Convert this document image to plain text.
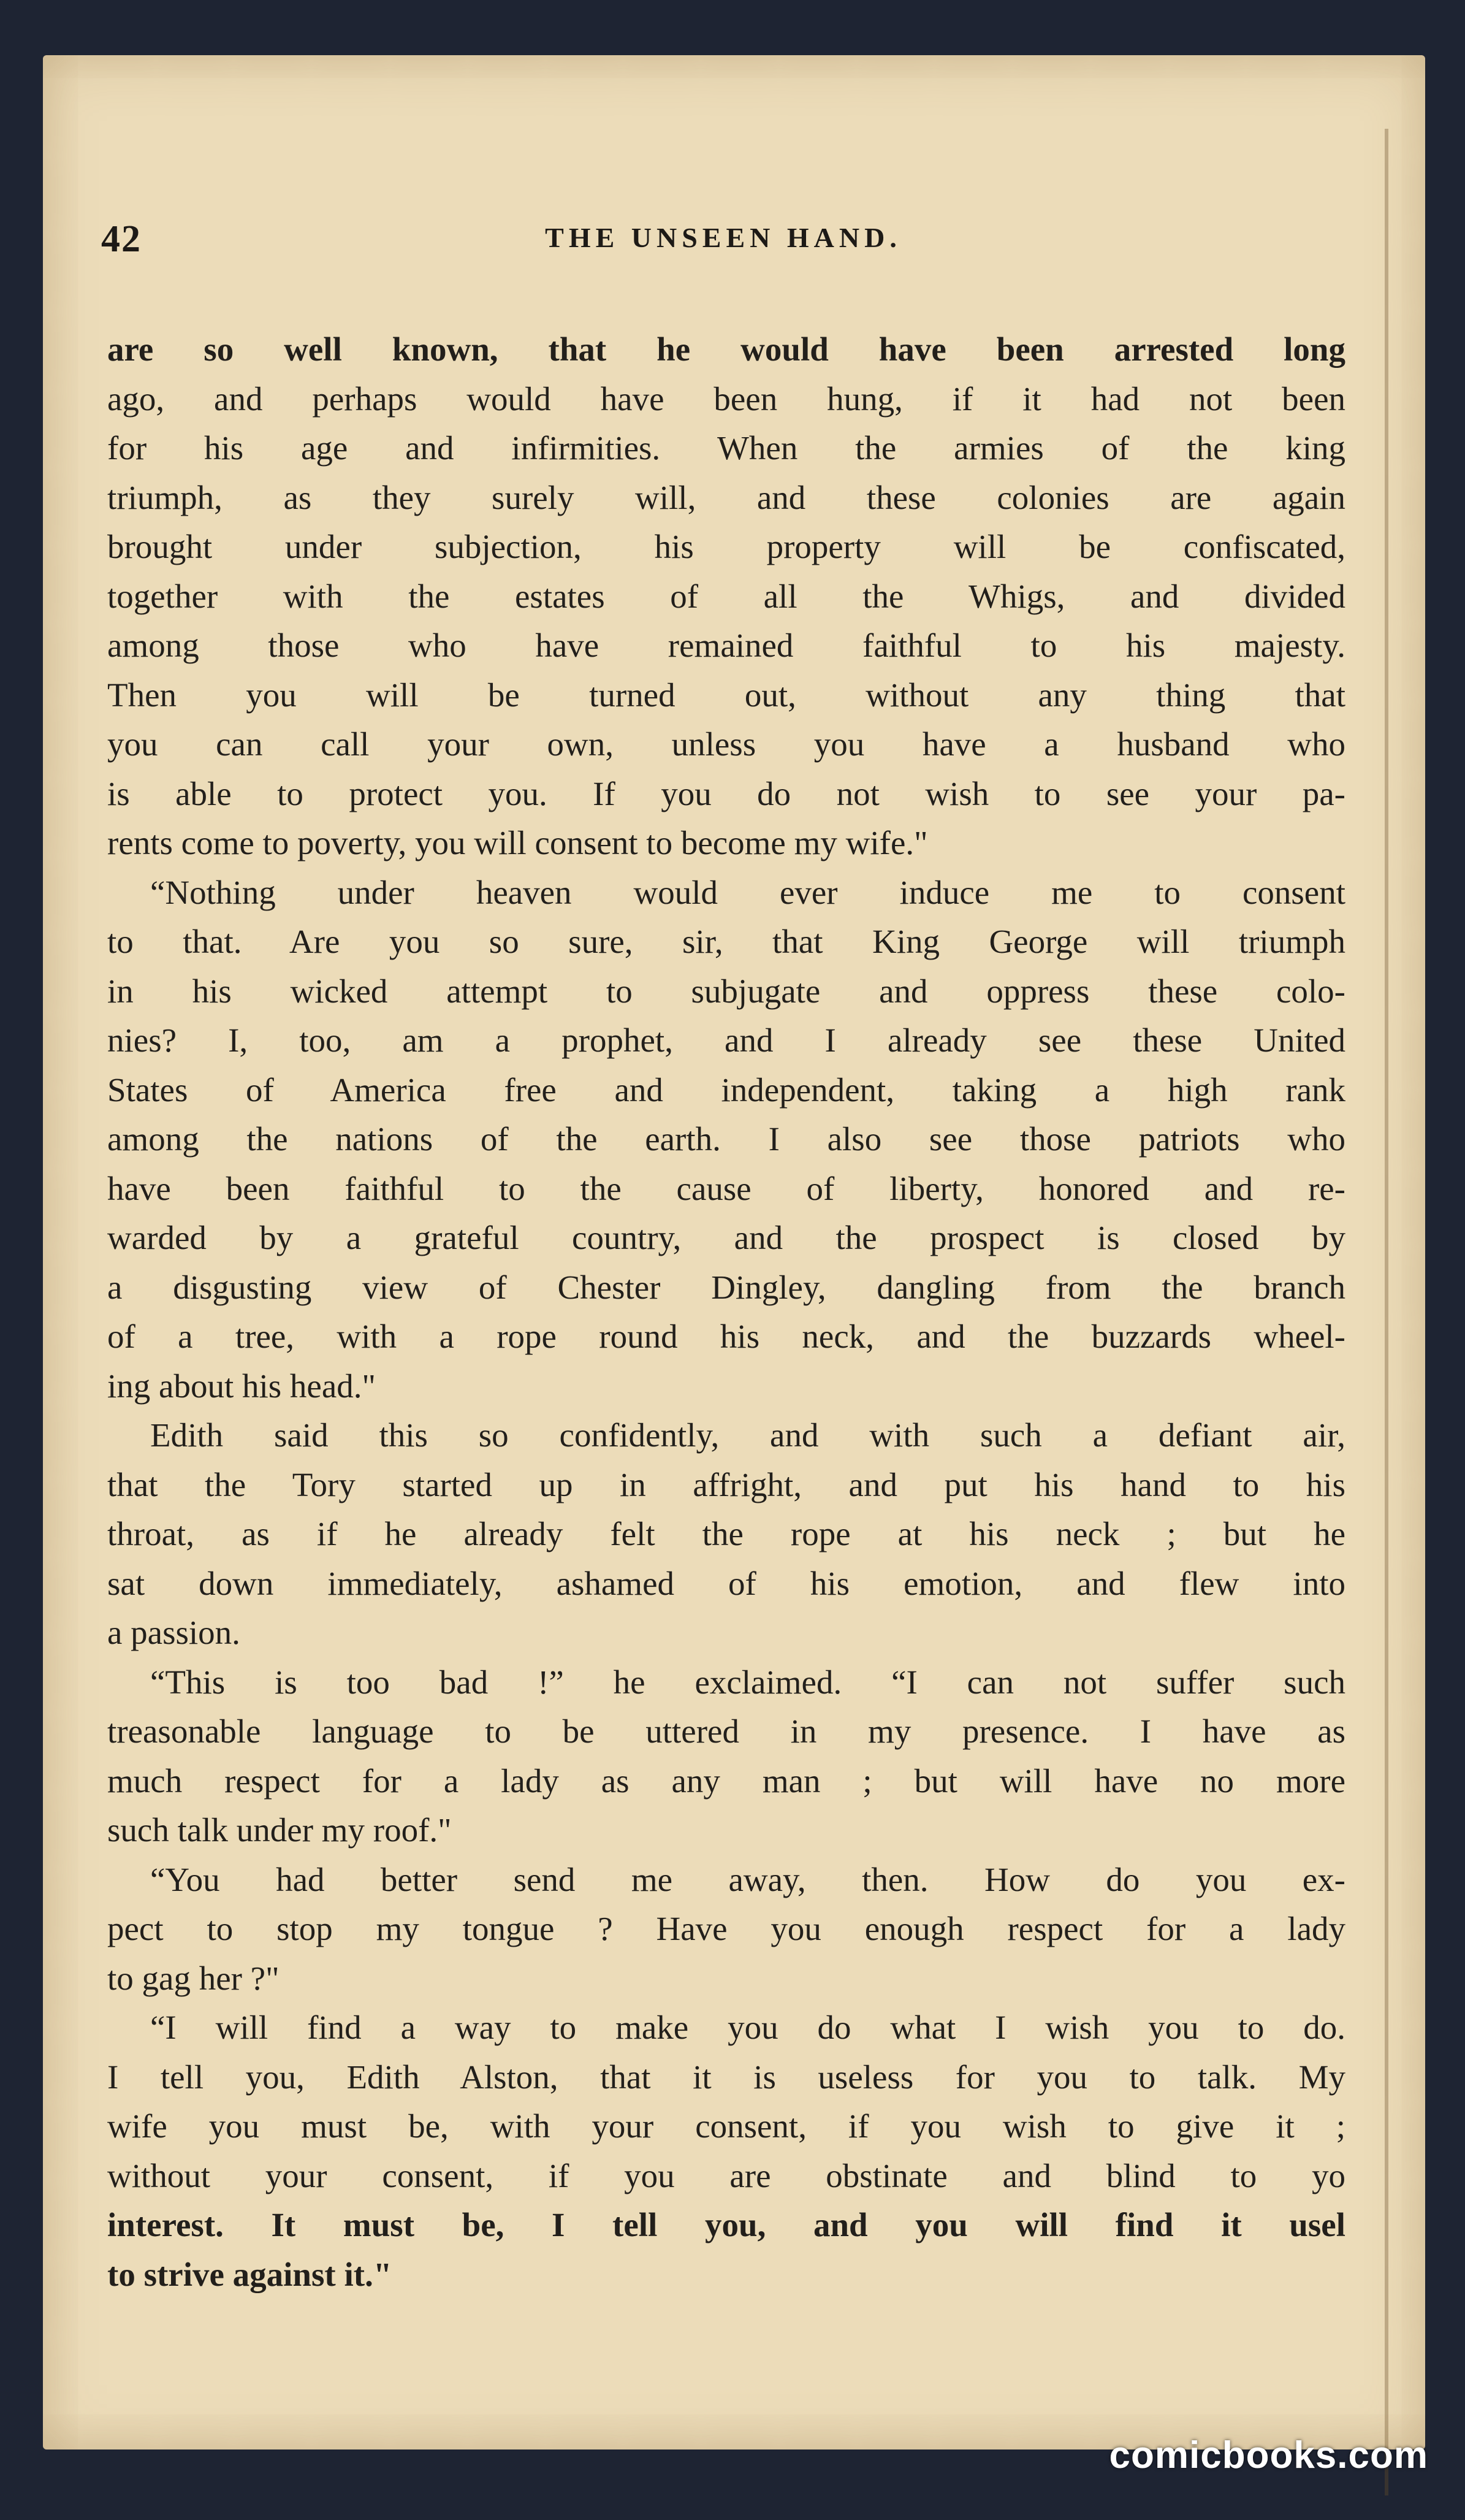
42	THE UNSEEN HAND.
are so well known, that he would have been arrested long
ago, and perhaps would have been hung, if it had not been
for his age and infirmities. When the armies of the king
triumph, as they surely will, and these colonies are again
brought under subjection, his property will be confiscated,
together with the estates of all the Whigs, and divided
among those who have remained faithful to his majesty.
Then you will be turned out, without any thing that
you can call your own, unless you have a husband who
is able to protect you. If you do not wish to see your pa-
rents come to poverty, you will consent to become my wife."
“Nothing under heaven would ever induce me to consent
to that. Are you so sure, sir, that King George will triumph
in his wicked attempt to subjugate and oppress these colo-
nies? I, too, am a prophet, and I already see these United
States of America free and independent, taking a high rank
among the nations of the earth. I also see those patriots who
have been faithful to the cause of liberty, honored and re-
warded by a grateful country, and the prospect is closed by
a disgusting view of Chester Dingley, dangling from the branch
of a tree, with a rope round his neck, and the buzzards wheel-
ing about his head."
Edith said this so confidently, and with such a defiant air,
that the Tory started up in affright, and put his hand to his
throat, as if he already felt the rope at his neck ; but he
sat down immediately, ashamed of his emotion, and flew into
a passion.
“This is too bad !” he exclaimed. “I can not suffer such
treasonable language to be uttered in my presence. I have as
much respect for a lady as any man ; but will have no more
such talk under my roof."
“You had better send me away, then. How do you ex-
pect to stop my tongue ? Have you enough respect for a lady
to gag her ?"
“I will find a way to make you do what I wish you to do.
I tell you, Edith Alston, that it is useless for you to talk. My
wife you must be, with your consent, if you wish to give it ;
without your consent, if you are obstinate and blind to yo
interest. It must be, I tell you, and you will find it usel
to strive against it."
comicbooks.com
